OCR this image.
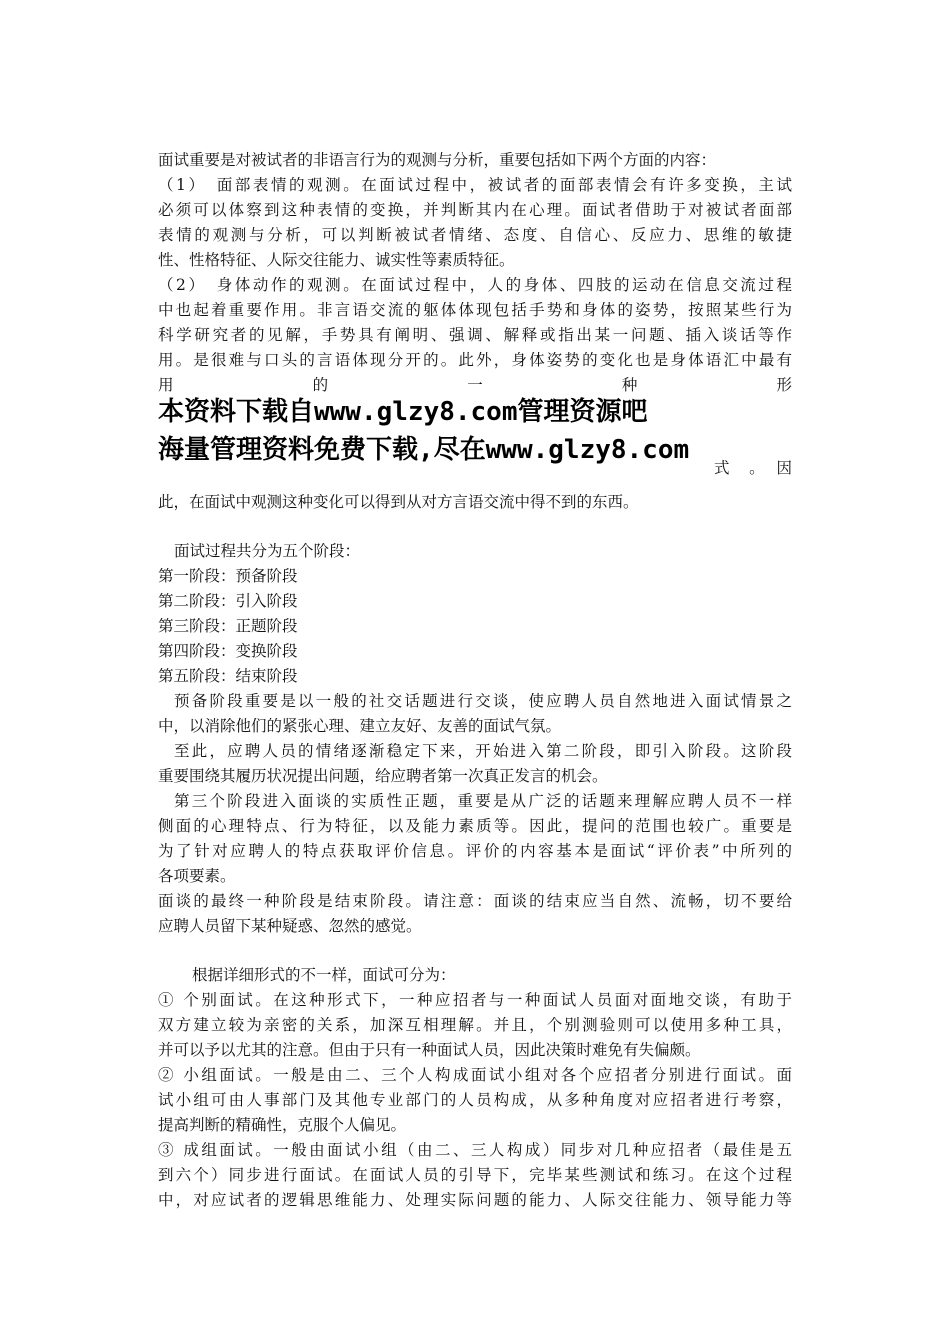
面试重要是对被试者的非语言行为的观测与分析，重要包括如下两个方面的内容：
（1）　面部表情的观测。在面试过程中，被试者的面部表情会有许多变换，主试
必须可以体察到这种表情的变换，并判断其内在心理。面试者借助于对被试者面部
表情的观测与分析，可以判断被试者情绪、态度、自信心、反应力、思维的敏捷
性、性格特征、人际交往能力、诚实性等素质特征。
（2）　身体动作的观测。在面试过程中，人的身体、四肢的运动在信息交流过程
中也起着重要作用。非言语交流的躯体体现包括手势和身体的姿势，按照某些行为
科学研究者的见解，手势具有阐明、强调、解释或指出某一问题、插入谈话等作
用。是很难与口头的言语体现分开的。此外，身体姿势的变化也是身体语汇中最有
用　　的　　一　　种　　形
本资料下载自www.glzy8.com管理资源吧
海量管理资料免费下载,尽在www.glzy8.com
式　。　因
此，在面试中观测这种变化可以得到从对方言语交流中得不到的东西。
面试过程共分为五个阶段：
第一阶段：预备阶段
第二阶段：引入阶段
第三阶段：正题阶段
第四阶段：变换阶段
第五阶段：结束阶段
预备阶段重要是以一般的社交话题进行交谈，使应聘人员自然地进入面试情景之
中，以消除他们的紧张心理、建立友好、友善的面试气氛。
至此，应聘人员的情绪逐渐稳定下来，开始进入第二阶段，即引入阶段。这阶段
重要围绕其履历状况提出问题，给应聘者第一次真正发言的机会。
第三个阶段进入面谈的实质性正题，重要是从广泛的话题来理解应聘人员不一样
侧面的心理特点、行为特征，以及能力素质等。因此，提问的范围也较广。重要是
为了针对应聘人的特点获取评价信息。评价的内容基本是面试“评价表”中所列的
各项要素。
面谈的最终一种阶段是结束阶段。请注意：面谈的结束应当自然、流畅，切不要给
应聘人员留下某种疑惑、忽然的感觉。
根据详细形式的不一样，面试可分为：
① 个别面试。在这种形式下，一种应招者与一种面试人员面对面地交谈，有助于
双方建立较为亲密的关系，加深互相理解。并且，个别测验则可以使用多种工具，
并可以予以尤其的注意。但由于只有一种面试人员，因此决策时难免有失偏颇。
② 小组面试。一般是由二、三个人构成面试小组对各个应招者分别进行面试。面
试小组可由人事部门及其他专业部门的人员构成，从多种角度对应招者进行考察，
提高判断的精确性，克服个人偏见。
③ 成组面试。一般由面试小组（由二、三人构成）同步对几种应招者（最佳是五
到六个）同步进行面试。在面试人员的引导下，完毕某些测试和练习。在这个过程
中，对应试者的逻辑思维能力、处理实际问题的能力、人际交往能力、领导能力等
